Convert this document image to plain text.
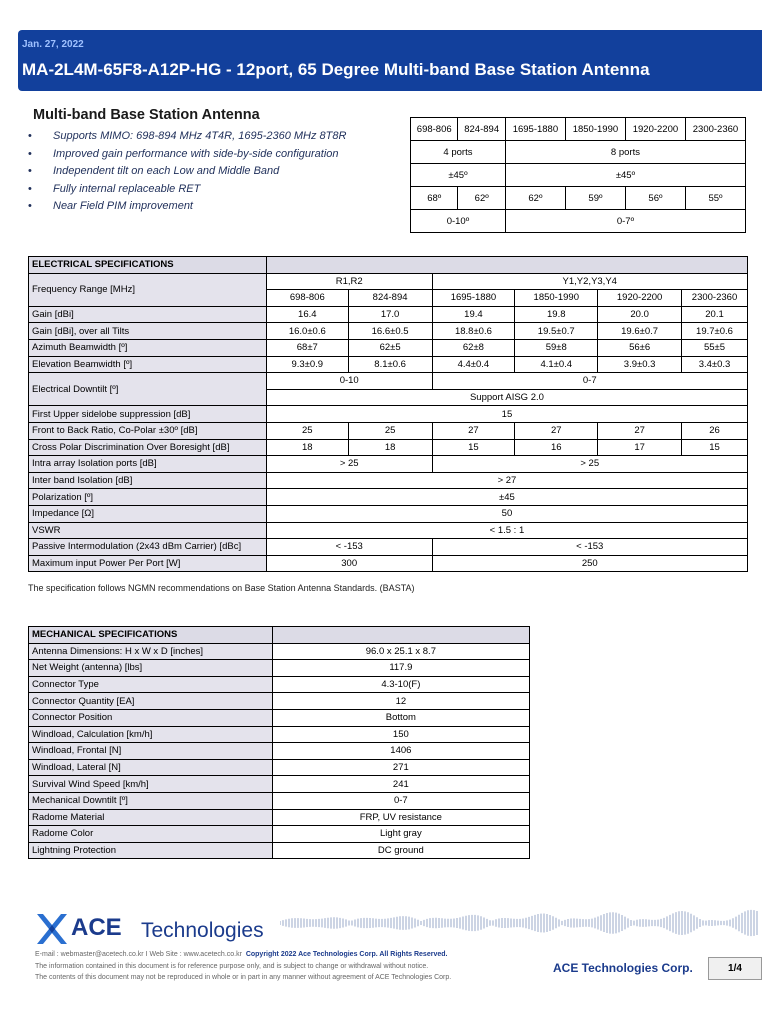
Jan. 27, 2022
MA-2L4M-65F8-A12P-HG - 12port, 65 Degree Multi-band Base Station Antenna
Multi-band Base Station Antenna
• Supports MIMO: 698-894 MHz 4T4R, 1695-2360 MHz 8T8R
• Improved gain performance with side-by-side configuration
• Independent tilt on each Low and Middle Band
• Fully internal replaceable RET
• Near Field PIM improvement
698-806	824-894	1695-1880	1850-1990	1920-2200	2300-2360
4 ports		8 ports			
±45º		±45º			
68º	62º	62º	59º	56º	55º
0-10º		0-7º			
ELECTRICAL SPECIFICATIONS						
Frequency Range [MHz]	R1,R2		Y1,Y2,Y3,Y4			
	698-806	824-894	1695-1880	1850-1990	1920-2200	2300-2360
Gain [dBi]	16.4	17.0	19.4	19.8	20.0	20.1
Gain [dBi], over all Tilts	16.0±0.6	16.6±0.5	18.8±0.6	19.5±0.7	19.6±0.7	19.7±0.6
Azimuth Beamwidth [º]	68±7	62±5	62±8	59±8	56±6	55±5
Elevation Beamwidth [º]	9.3±0.9	8.1±0.6	4.4±0.4	4.1±0.4	3.9±0.3	3.4±0.3
Electrical Downtilt [º]	0-10		0-7			
	Support AISG 2.0					
First Upper sidelobe suppression [dB]	15					
Front to Back Ratio, Co-Polar ±30º [dB]	25	25	27	27	27	26
Cross Polar Discrimination Over Boresight [dB]	18	18	15	16	17	15
Intra array Isolation ports [dB]	> 25		> 25			
Inter band Isolation [dB]	> 27					
Polarization [º]	±45					
Impedance [Ω]	50					
VSWR	< 1.5 : 1					
Passive Intermodulation (2x43 dBm Carrier) [dBc]	< -153		< -153			
Maximum input Power Per Port [W]	300		250			
The specification follows NGMN recommendations on Base Station Antenna Standards. (BASTA)
MECHANICAL SPECIFICATIONS	
Antenna Dimensions: H x W x D [inches]	96.0 x 25.1 x 8.7
Net Weight (antenna) [lbs]	117.9
Connector Type	4.3-10(F)
Connector Quantity [EA]	12
Connector Position	Bottom
Windload, Calculation [km/h]	150
Windload, Frontal [N]	1406
Windload, Lateral [N]	271
Survival Wind Speed [km/h]	241
Mechanical Downtilt [º]	0-7
Radome Material	FRP, UV resistance
Radome Color	Light gray
Lightning Protection	DC ground
ACE Technologies
E-mail : webmaster@acetech.co.kr I Web Site : www.acetech.co.kr Copyright 2022 Ace Technologies Corp. All Rights Reserved.
The information contained in this document is for reference purpose only, and is subject to change or withdrawal without notice.
The contents of this document may not be reproduced in whole or in part in any manner without agreement of ACE Technologies Corp.
ACE Technologies Corp.	1/4
